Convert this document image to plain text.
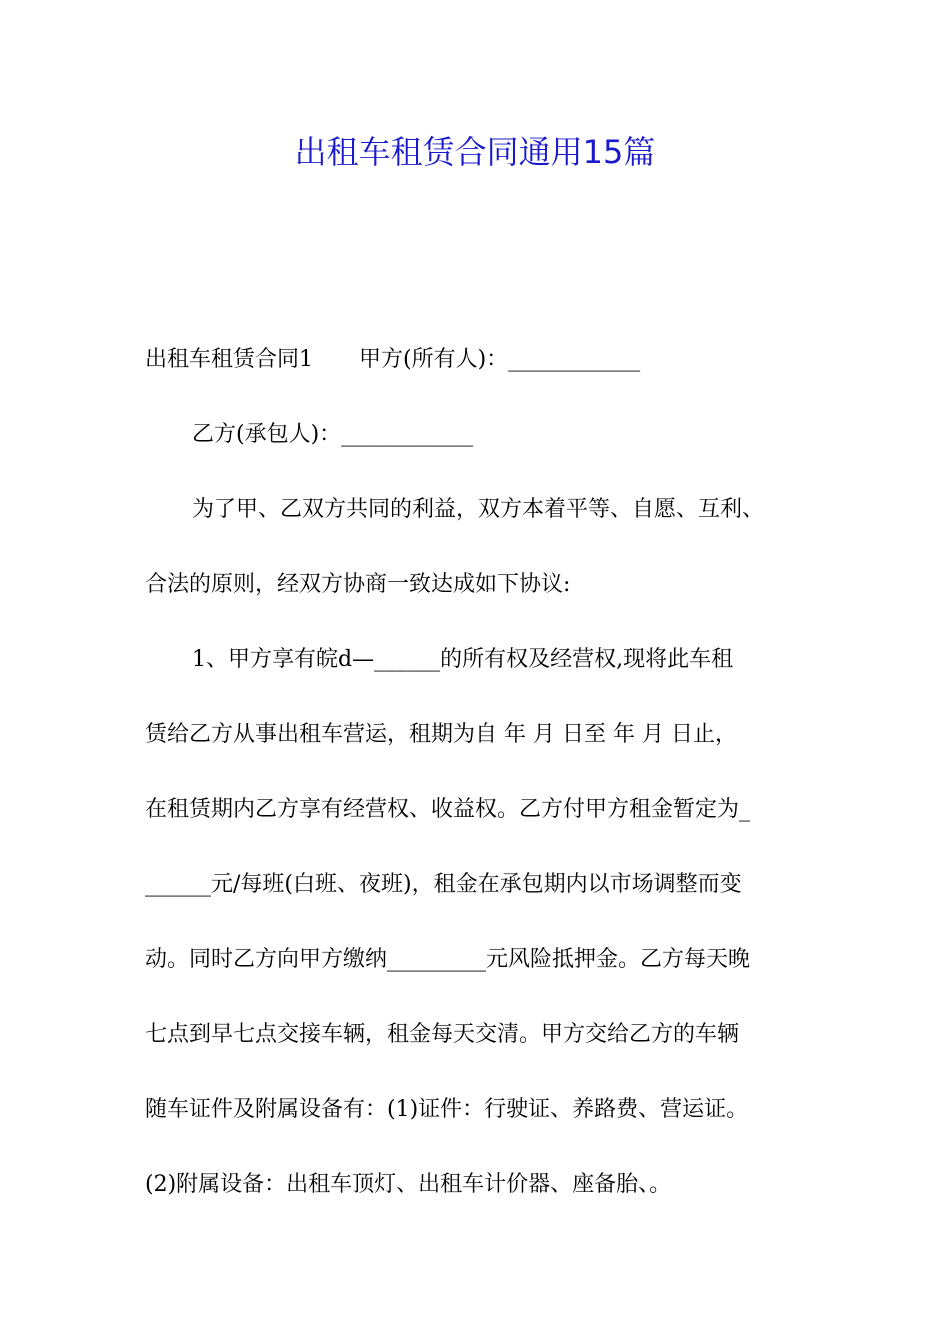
出租车租赁合同通用15篇
出租车租赁合同1 甲方(所有人)：____________
乙方(承包人)：____________
为了甲、乙双方共同的利益，双方本着平等、自愿、互利、
合法的原则，经双方协商一致达成如下协议:
1、甲方享有皖d—______的所有权及经营权,现将此车租
赁给乙方从事出租车营运，租期为自 年 月 日至 年 月 日止，
在租赁期内乙方享有经营权、收益权。乙方付甲方租金暂定为_
______元/每班(白班、夜班)，租金在承包期内以市场调整而变
动。同时乙方向甲方缴纳_________元风险抵押金。乙方每天晚
七点到早七点交接车辆，租金每天交清。甲方交给乙方的车辆
随车证件及附属设备有：(1)证件：行驶证、养路费、营运证。
(2)附属设备：出租车顶灯、出租车计价器、座备胎、。
